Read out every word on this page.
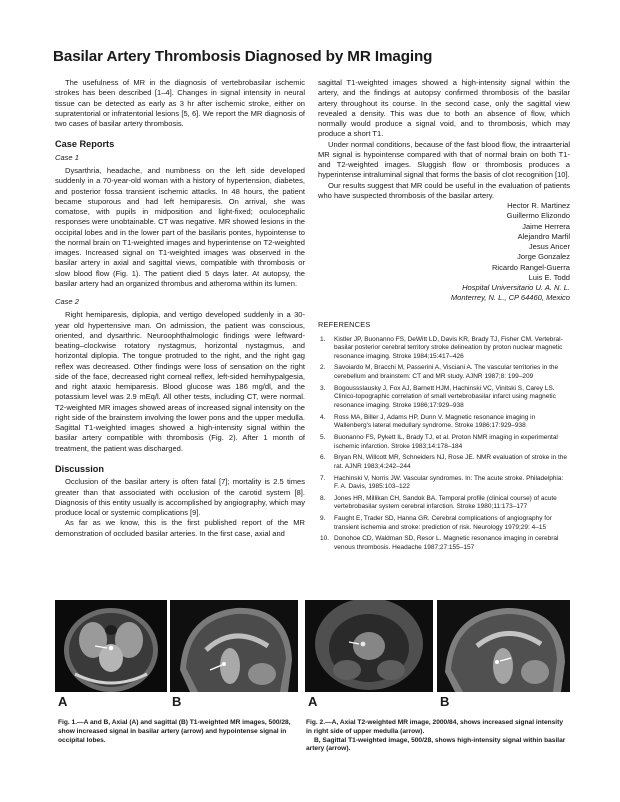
Basilar Artery Thrombosis Diagnosed by MR Imaging

The usefulness of MR in the diagnosis of vertebrobasilar ischemic strokes has been described [1–4]. Changes in signal intensity in neural tissue can be detected as early as 3 hr after ischemic stroke, either on supratentorial or infratentorial lesions [5, 6]. We report the MR diagnosis of two cases of basilar artery thrombosis.

Case Reports

Case 1

Dysarthria, headache, and numbness on the left side developed suddenly in a 70-year-old woman with a history of hypertension, diabetes, and posterior fossa transient ischemic attacks. In 48 hours, the patient became stuporous and had left hemiparesis. On arrival, she was comatose, with pupils in midposition and light-fixed; oculocephalic responses were unobtainable. CT was negative. MR showed lesions in the occipital lobes and in the lower part of the basilaris pontes, hypointense to the normal brain on T1-weighted images and hyperintense on T2-weighted images. Increased signal on T1-weighted images was observed in the basilar artery in axial and sagittal views, compatible with thrombosis or slow blood flow (Fig. 1). The patient died 5 days later. At autopsy, the basilar artery had an organized thrombus and atheroma within its lumen.

Case 2

Right hemiparesis, diplopia, and vertigo developed suddenly in a 30-year old hypertensive man. On admission, the patient was conscious, oriented, and dysarthric. Neuroophthalmologic findings were leftward-beating–clockwise rotatory nystagmus, horizontal nystagmus, and horizontal diplopia. The tongue protruded to the right, and the right gag reflex was decreased. Other findings were loss of sensation on the right side of the face, decreased right corneal reflex, left-sided hemihypalgesia, and right ataxic hemiparesis. Blood glucose was 186 mg/dl, and the potassium level was 2.9 mEq/l. All other tests, including CT, were normal. T2-weighted MR images showed areas of increased signal intensity on the right side of the brainstem involving the lower pons and the upper medulla. Sagittal T1-weighted images showed a high-intensity signal within the basilar artery compatible with thrombosis (Fig. 2). After 1 month of treatment, the patient was discharged.

Discussion

Occlusion of the basilar artery is often fatal [7]; mortality is 2.5 times greater than that associated with occlusion of the carotid system [8]. Diagnosis of this entity usually is accomplished by angiography, which may produce local or systemic complications [9].

As far as we know, this is the first published report of the MR demonstration of occluded basilar arteries. In the first case, axial and

sagittal T1-weighted images showed a high-intensity signal within the artery, and the findings at autopsy confirmed thrombosis of the basilar artery throughout its course. In the second case, only the sagittal view revealed a density. This was due to both an absence of flow, which normally would produce a signal void, and to thrombosis, which may produce a short T1.

Under normal conditions, because of the fast blood flow, the intraarterial MR signal is hypointense compared with that of normal brain on both T1- and T2-weighted images. Sluggish flow or thrombosis produces a hyperintense intraluminal signal that forms the basis of clot recognition [10].

Our results suggest that MR could be useful in the evaluation of patients who have suspected thrombosis of the basilar artery.

Hector R. Martinez

Guillermo Elizondo

Jaime Herrera

Alejandro Marfil

Jesus Ancer

Jorge Gonzalez

Ricardo Rangel-Guerra

Luis E. Todd

Hospital Universitario U. A. N. L.

Monterrey, N. L., CP 64460, Mexico

REFERENCES
1. Kistler JP, Buonanno FS, DeWitt LD, Davis KR, Brady TJ, Fisher CM. Vertebral-basilar posterior cerebral territory stroke delineation by proton nuclear magnetic resonance imaging. Stroke 1984;15:417–426
2. Savoiardo M, Bracchi M, Passerini A, Visciani A. The vascular territories in the cerebellum and brainstem: CT and MR study. AJNR 1987;8: 199–209
3. Bogoussslausky J, Fox AJ, Barnett HJM, Hachinski VC, Vinitski S, Carey LS. Clinico-topographic correlation of small vertebrobasilar infarct using magnetic resonance imaging. Stroke 1986;17:929–938
4. Ross MA, Biller J, Adams HP, Dunn V. Magnetic resonance imaging in Wallenberg's lateral medullary syndrome. Stroke 1986;17:929–938
5. Buonanno FS, Pykett IL, Brady TJ, et al. Proton NMR imaging in experimental ischemic infarction. Stroke 1983;14:178–184
6. Bryan RN, Willcott MR, Schneiders NJ, Rose JE. NMR evaluation of stroke in the rat. AJNR 1983;4:242–244
7. Hachinski V, Norris JW. Vascular syndromes. In: The acute stroke. Philadelphia: F. A. Davis, 1985:103–122
8. Jones HR, Millikan CH, Sandok BA. Temporal profile (clinical course) of acute vertebrobasilar system cerebral infarction. Stroke 1980;11:173–177
9. Faught E, Trader SD, Hanna GR. Cerebral complications of angiography for transient ischemia and stroke: prediction of risk. Neurology 1979;29: 4–15
10. Donohoe CD, Waldman SD, Resor L. Magnetic resonance imaging in cerebral venous thrombosis. Headache 1987;27:155–157
A	B	A	B
Fig. 1.—A and B, Axial (A) and sagittal (B) T1-weighted MR images, 500/28, show increased signal in basilar artery (arrow) and hypointense signal in occipital lobes.
Fig. 2.—A, Axial T2-weighted MR image, 2000/84, shows increased signal intensity in right side of upper medulla (arrow).
B, Sagittal T1-weighted image, 500/28, shows high-intensity signal within basilar artery (arrow).
